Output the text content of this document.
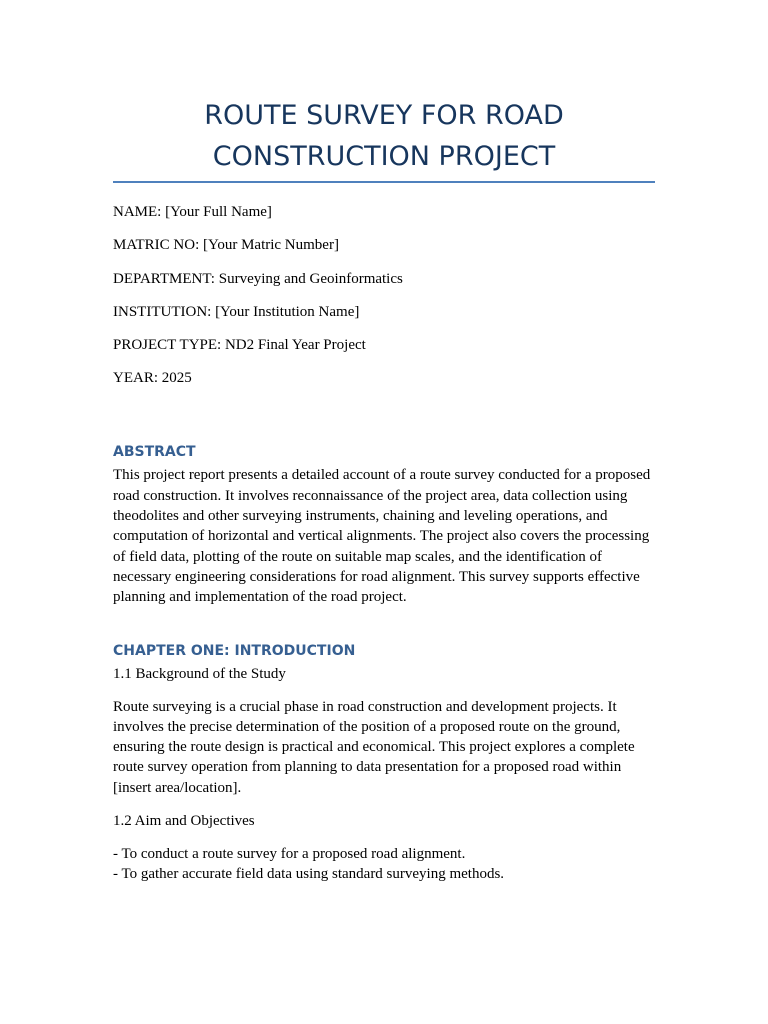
ROUTE SURVEY FOR ROAD
CONSTRUCTION PROJECT

NAME: [Your Full Name]

MATRIC NO: [Your Matric Number]

DEPARTMENT: Surveying and Geoinformatics

INSTITUTION: [Your Institution Name]

PROJECT TYPE: ND2 Final Year Project

YEAR: 2025

ABSTRACT

This project report presents a detailed account of a route survey conducted for a proposed road construction. It involves reconnaissance of the project area, data collection using theodolites and other surveying instruments, chaining and leveling operations, and computation of horizontal and vertical alignments. The project also covers the processing of field data, plotting of the route on suitable map scales, and the identification of necessary engineering considerations for road alignment. This survey supports effective planning and implementation of the road project.

CHAPTER ONE: INTRODUCTION

1.1 Background of the Study

Route surveying is a crucial phase in road construction and development projects. It involves the precise determination of the position of a proposed route on the ground, ensuring the route design is practical and economical. This project explores a complete route survey operation from planning to data presentation for a proposed road within [insert area/location].

1.2 Aim and Objectives

- To conduct a route survey for a proposed road alignment.
- To gather accurate field data using standard surveying methods.
